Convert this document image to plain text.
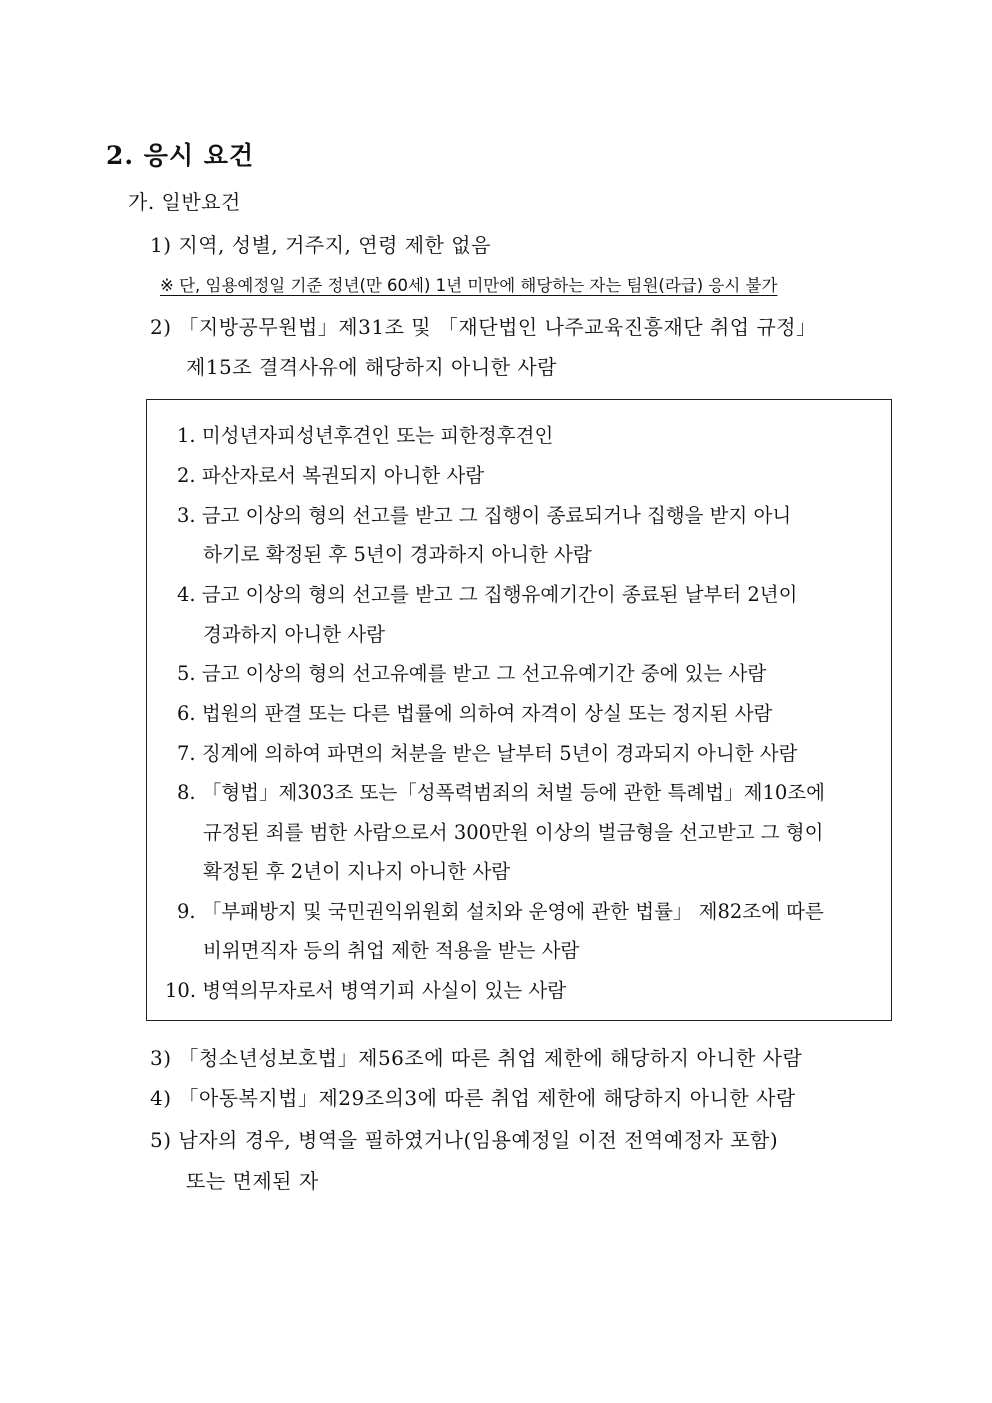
2. 응시 요건
가. 일반요건
1) 지역, 성별, 거주지, 연령 제한 없음
※ 단, 임용예정일 기준 정년(만 60세) 1년 미만에 해당하는 자는 팀원(라급) 응시 불가
2) 「지방공무원법」제31조 및 「재단법인 나주교육진흥재단 취업 규정」
제15조 결격사유에 해당하지 아니한 사람
1. 미성년자피성년후견인 또는 피한정후견인
2. 파산자로서 복권되지 아니한 사람
3. 금고 이상의 형의 선고를 받고 그 집행이 종료되거나 집행을 받지 아니
하기로 확정된 후 5년이 경과하지 아니한 사람
4. 금고 이상의 형의 선고를 받고 그 집행유예기간이 종료된 날부터 2년이
경과하지 아니한 사람
5. 금고 이상의 형의 선고유예를 받고 그 선고유예기간 중에 있는 사람
6. 법원의 판결 또는 다른 법률에 의하여 자격이 상실 또는 정지된 사람
7. 징계에 의하여 파면의 처분을 받은 날부터 5년이 경과되지 아니한 사람
8. 「형법」제303조 또는「성폭력범죄의 처벌 등에 관한 특례법」제10조에
규정된 죄를 범한 사람으로서 300만원 이상의 벌금형을 선고받고 그 형이
확정된 후 2년이 지나지 아니한 사람
9. 「부패방지 및 국민권익위원회 설치와 운영에 관한 법률」 제82조에 따른
비위면직자 등의 취업 제한 적용을 받는 사람
10. 병역의무자로서 병역기피 사실이 있는 사람
3) 「청소년성보호법」제56조에 따른 취업 제한에 해당하지 아니한 사람
4) 「아동복지법」제29조의3에 따른 취업 제한에 해당하지 아니한 사람
5) 남자의 경우, 병역을 필하였거나(임용예정일 이전 전역예정자 포함)
또는 면제된 자
